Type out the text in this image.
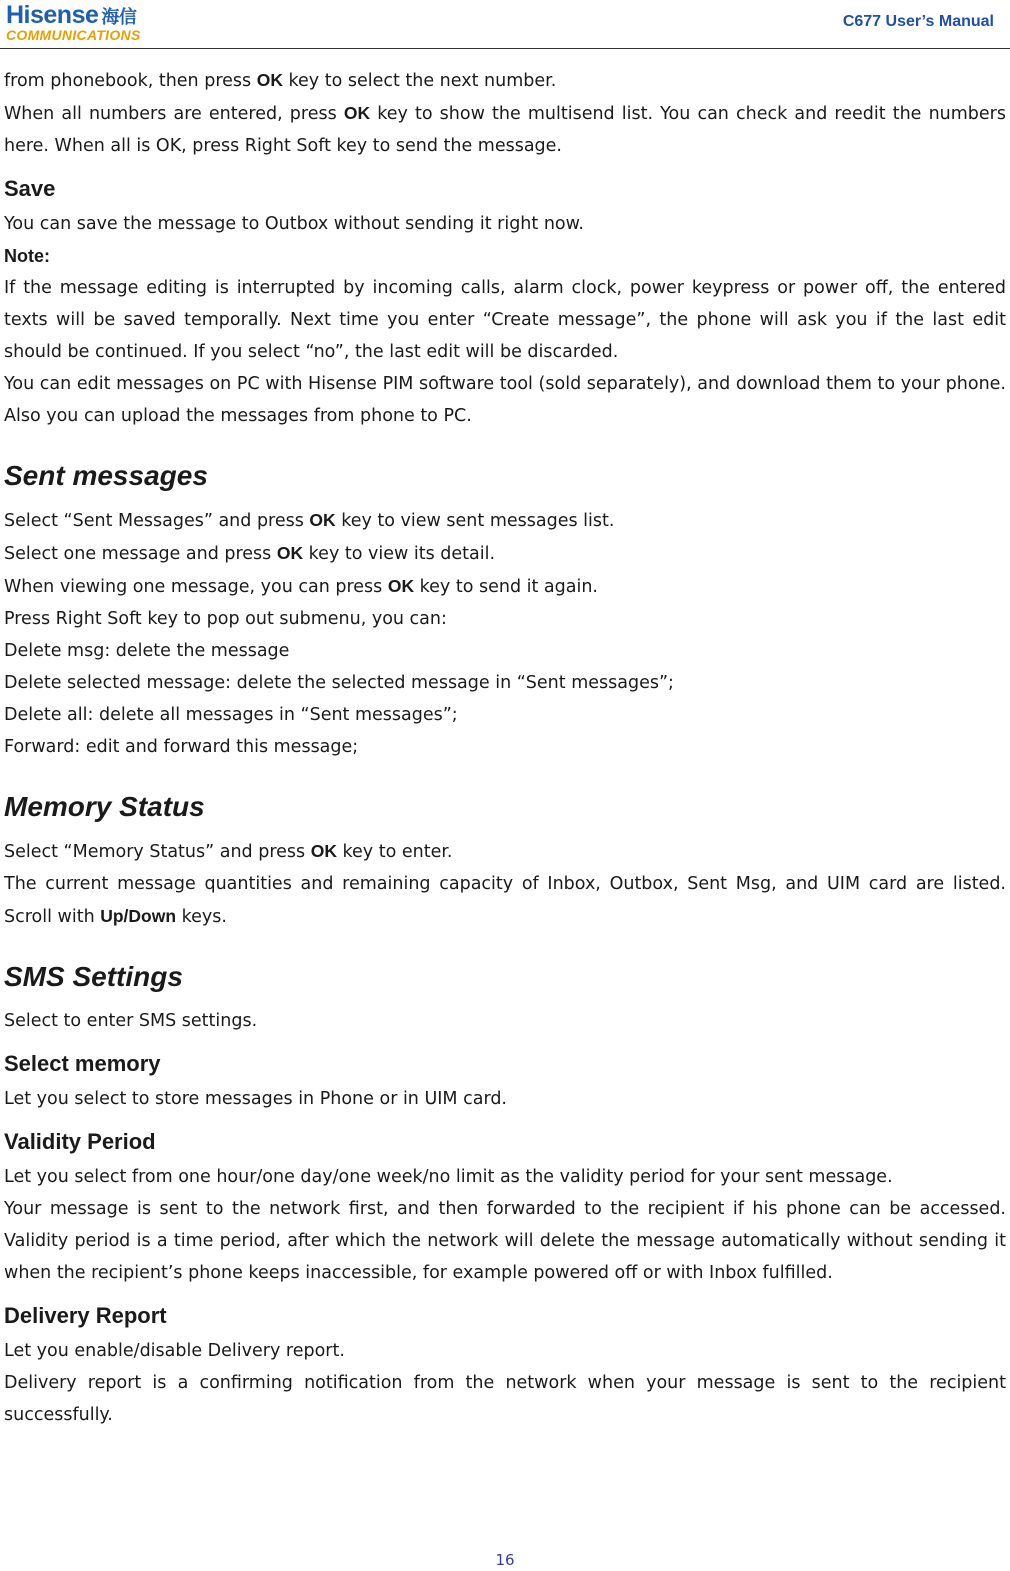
Hisense 海信
COMMUNICATIONS
C677 User’s Manual

from phonebook, then press OK key to select the next number.

When all numbers are entered, press OK key to show the multisend list. You can check and reedit the numbers here. When all is OK, press Right Soft key to send the message.

Save

You can save the message to Outbox without sending it right now.

Note:

If the message editing is interrupted by incoming calls, alarm clock, power keypress or power off, the entered texts will be saved temporally. Next time you enter “Create message”, the phone will ask you if the last edit should be continued. If you select “no”, the last edit will be discarded.

You can edit messages on PC with Hisense PIM software tool (sold separately), and download them to your phone. Also you can upload the messages from phone to PC.

Sent messages

Select “Sent Messages” and press OK key to view sent messages list.

Select one message and press OK key to view its detail.

When viewing one message, you can press OK key to send it again.

Press Right Soft key to pop out submenu, you can:

Delete msg: delete the message

Delete selected message: delete the selected message in “Sent messages”;

Delete all: delete all messages in “Sent messages”;

Forward: edit and forward this message;

Memory Status

Select “Memory Status” and press OK key to enter.

The current message quantities and remaining capacity of Inbox, Outbox, Sent Msg, and UIM card are listed. Scroll with Up/Down keys.

SMS Settings

Select to enter SMS settings.

Select memory

Let you select to store messages in Phone or in UIM card.

Validity Period

Let you select from one hour/one day/one week/no limit as the validity period for your sent message.

Your message is sent to the network first, and then forwarded to the recipient if his phone can be accessed. Validity period is a time period, after which the network will delete the message automatically without sending it when the recipient’s phone keeps inaccessible, for example powered off or with Inbox fulfilled.

Delivery Report

Let you enable/disable Delivery report.

Delivery report is a confirming notification from the network when your message is sent to the recipient successfully.

16
